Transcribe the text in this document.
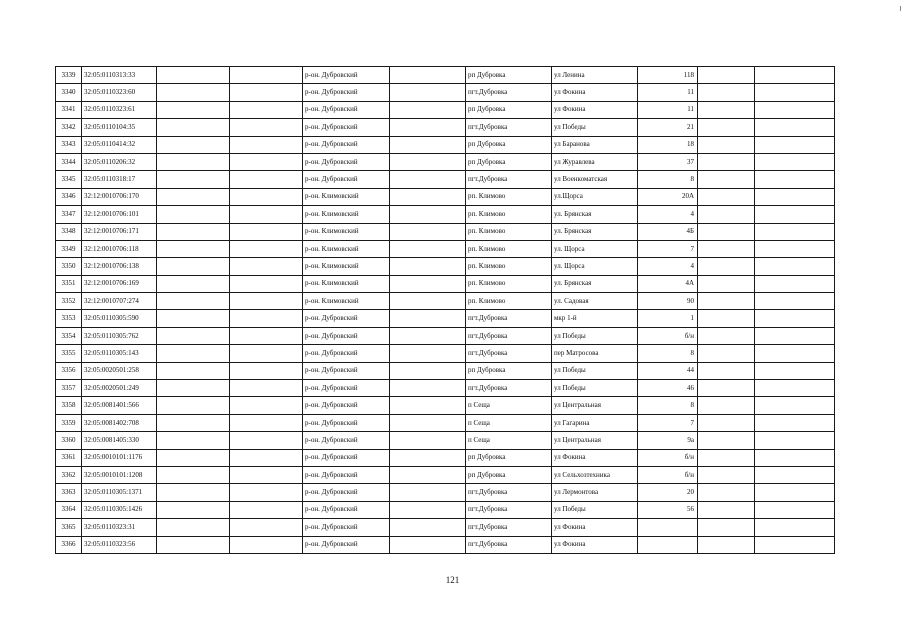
3339	32:05:0110313:33			р-он. Дубровский		рп Дубровка	ул Ленина	118		
3340	32:05:0110323:60			р-он. Дубровский		пгт.Дубровка	ул Фокина	11		
3341	32:05:0110323:61			р-он. Дубровский		рп Дубровка	ул Фокина	11		
3342	32:05:0110104:35			р-он. Дубровский		пгт.Дубровка	ул Победы	21		
3343	32:05:0110414:32			р-он. Дубровский		рп Дубровка	ул Баранова	18		
3344	32:05:0110206:32			р-он. Дубровский		рп Дубровка	ул Журавлева	37		
3345	32:05:0110318:17			р-он. Дубровский		пгт.Дубровка	ул Военкоматская	8		
3346	32:12:0010706:170			р-он. Климовский		рп. Климово	ул.Щорса	20А		
3347	32:12:0010706:101			р-он. Климовский		рп. Климово	ул. Брянская	4		
3348	32:12:0010706:171			р-он. Климовский		рп. Климово	ул. Брянская	4Б		
3349	32:12:0010706:118			р-он. Климовский		рп. Климово	ул. Щорса	7		
3350	32:12:0010706:138			р-он. Климовский		рп. Климово	ул. Щорса	4		
3351	32:12:0010706:169			р-он. Климовский		рп. Климово	ул. Брянская	4А		
3352	32:12:0010707:274			р-он. Климовский		рп. Климово	ул. Садовая	90		
3353	32:05:0110305:590			р-он. Дубровский		пгт.Дубровка	мкр 1-й	1		
3354	32:05:0110305:762			р-он. Дубровский		пгт.Дубровка	ул Победы	б/н		
3355	32:05:0110305:143			р-он. Дубровский		пгт.Дубровка	пер Матросова	8		
3356	32:05:0020501:258			р-он. Дубровский		рп Дубровка	ул Победы	44		
3357	32:05:0020501:249			р-он. Дубровский		пгт.Дубровка	ул Победы	46		
3358	32:05:0081401:566			р-он. Дубровский		п Сеща	ул Центральная	8		
3359	32:05:0081402:708			р-он. Дубровский		п Сеща	ул Гагарина	7		
3360	32:05:0081405:330			р-он. Дубровский		п Сеща	ул Центральная	9а		
3361	32:05:0010101:1176			р-он. Дубровский		рп Дубровка	ул Фокина	б/н		
3362	32:05:0010101:1208			р-он. Дубровский		рп Дубровка	ул Сельхозтехника	б/н		
3363	32:05:0110305:1371			р-он. Дубровский		пгт.Дубровка	ул Лермонтова	20		
3364	32:05:0110305:1426			р-он. Дубровский		пгт.Дубровка	ул Победы	56		
3365	32:05:0110323:31			р-он. Дубровский		пгт.Дубровка	ул Фокина			
3366	32:05:0110323:56			р-он. Дубровский		пгт.Дубровка	ул Фокина			
121
